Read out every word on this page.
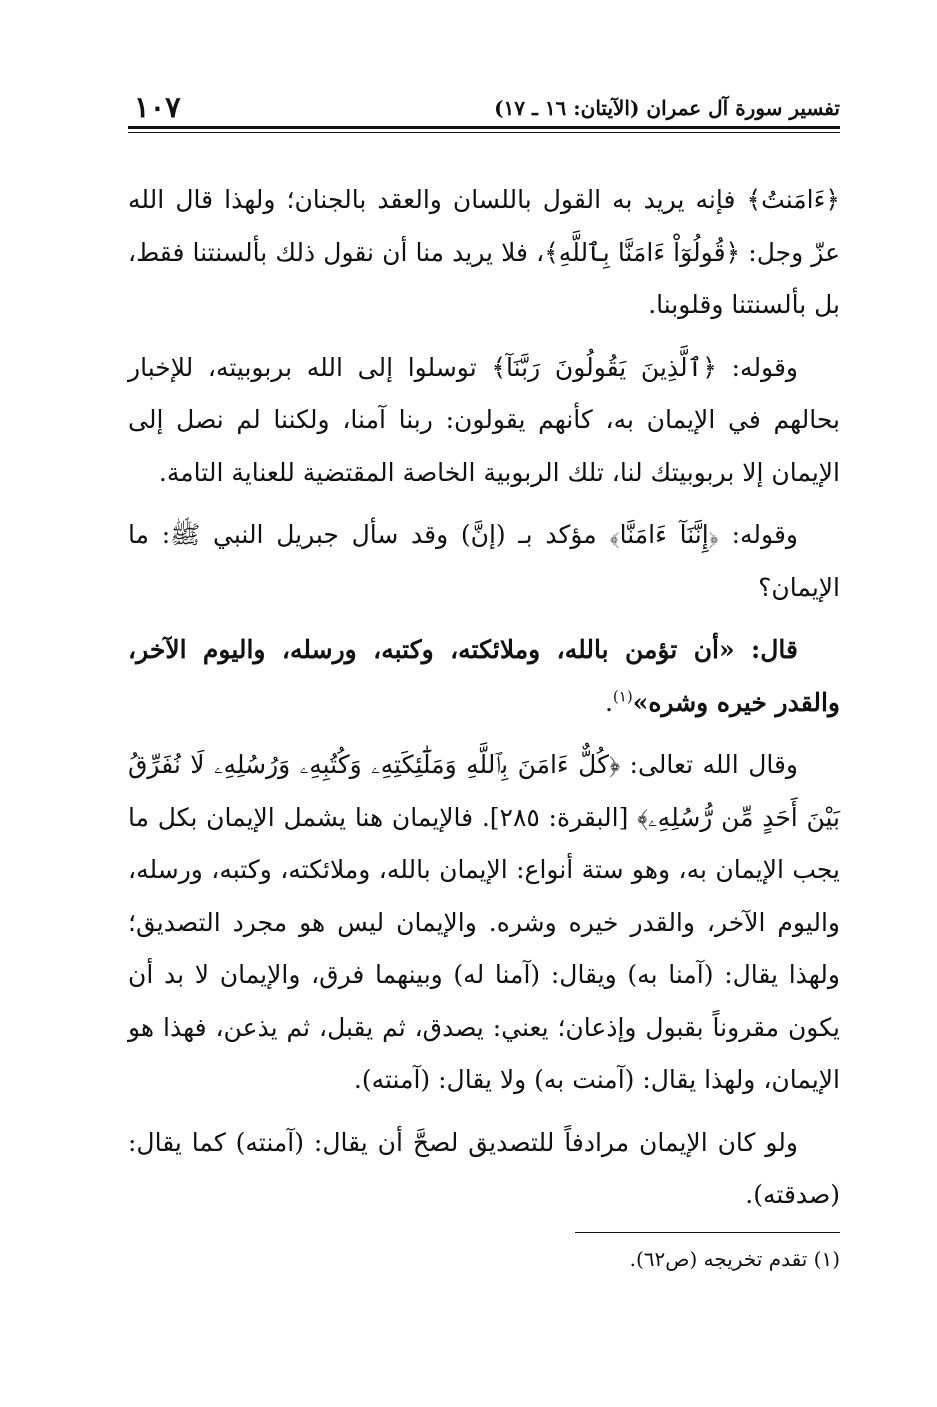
تفسير سورة آل عمران (الآيتان: ١٦ ـ ١٧)
١٠٧

﴿ءَامَنتُ﴾ فإنه يريد به القول باللسان والعقد بالجنان؛ ولهذا قال الله عزّ وجل: ﴿قُولُوٓاْ ءَامَنَّا بِٱللَّهِ﴾، فلا يريد منا أن نقول ذلك بألسنتنا فقط، بل بألسنتنا وقلوبنا.

وقوله: ﴿ٱلَّذِينَ يَقُولُونَ رَبَّنَآ﴾ توسلوا إلى الله بربوبيته، للإخبار بحالهم في الإيمان به، كأنهم يقولون: ربنا آمنا، ولكننا لم نصل إلى الإيمان إلا بربوبيتك لنا، تلك الربوبية الخاصة المقتضية للعناية التامة.

وقوله: ﴿إِنَّنَآ ءَامَنَّا﴾ مؤكد بـ (إنَّ) وقد سأل جبريل النبي ﷺ: ما الإيمان؟

قال: «أن تؤمن بالله، وملائكته، وكتبه، ورسله، واليوم الآخر، والقدر خيره وشره»$^{(١)}$.

وقال الله تعالى: ﴿كُلٌّ ءَامَنَ بِٱللَّهِ وَمَلَٰٓئِكَتِهِۦ وَكُتُبِهِۦ وَرُسُلِهِۦ لَا نُفَرِّقُ بَيْنَ أَحَدٍ مِّن رُّسُلِهِۦ﴾ [البقرة: ٢٨٥]. فالإيمان هنا يشمل الإيمان بكل ما يجب الإيمان به، وهو ستة أنواع: الإيمان بالله، وملائكته، وكتبه، ورسله، واليوم الآخر، والقدر خيره وشره. والإيمان ليس هو مجرد التصديق؛ ولهذا يقال: (آمنا به) ويقال: (آمنا له) وبينهما فرق، والإيمان لا بد أن يكون مقروناً بقبول وإذعان؛ يعني: يصدق، ثم يقبل، ثم يذعن، فهذا هو الإيمان، ولهذا يقال: (آمنت به) ولا يقال: (آمنته).

ولو كان الإيمان مرادفاً للتصديق لصحَّ أن يقال: (آمنته) كما يقال: (صدقته).

(١) تقدم تخريجه (ص٦٢).
